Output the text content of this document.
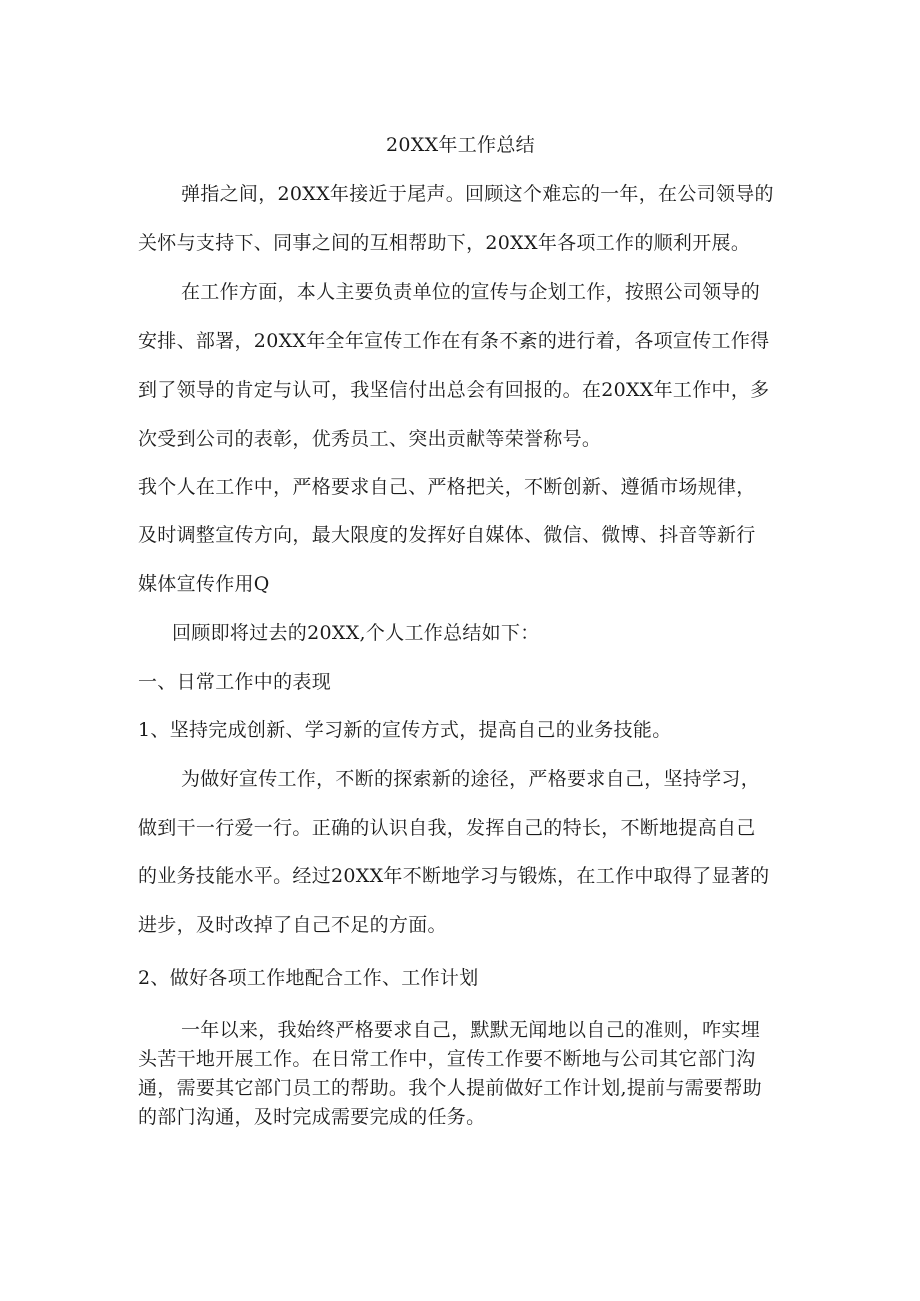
20XX年工作总结
弹指之间，20XX年接近于尾声。回顾这个难忘的一年，在公司领导的
关怀与支持下、同事之间的互相帮助下，20XX年各项工作的顺利开展。
在工作方面，本人主要负责单位的宣传与企划工作，按照公司领导的
安排、部署，20XX年全年宣传工作在有条不紊的进行着，各项宣传工作得
到了领导的肯定与认可，我坚信付出总会有回报的。在20XX年工作中，多
次受到公司的表彰，优秀员工、突出贡献等荣誉称号。
我个人在工作中，严格要求自己、严格把关，不断创新、遵循市场规律，
及时调整宣传方向，最大限度的发挥好自媒体、微信、微博、抖音等新行
媒体宣传作用Q
回顾即将过去的20XX,个人工作总结如下：
一、日常工作中的表现
1、坚持完成创新、学习新的宣传方式，提高自己的业务技能。
为做好宣传工作，不断的探索新的途径，严格要求自己，坚持学习，
做到干一行爱一行。正确的认识自我，发挥自己的特长，不断地提高自己
的业务技能水平。经过20XX年不断地学习与锻炼，在工作中取得了显著的
进步，及时改掉了自己不足的方面。
2、做好各项工作地配合工作、工作计划
一年以来，我始终严格要求自己，默默无闻地以自己的准则，咋实埋
头苦干地开展工作。在日常工作中，宣传工作要不断地与公司其它部门沟
通，需要其它部门员工的帮助。我个人提前做好工作计划,提前与需要帮助
的部门沟通，及时完成需要完成的任务。
